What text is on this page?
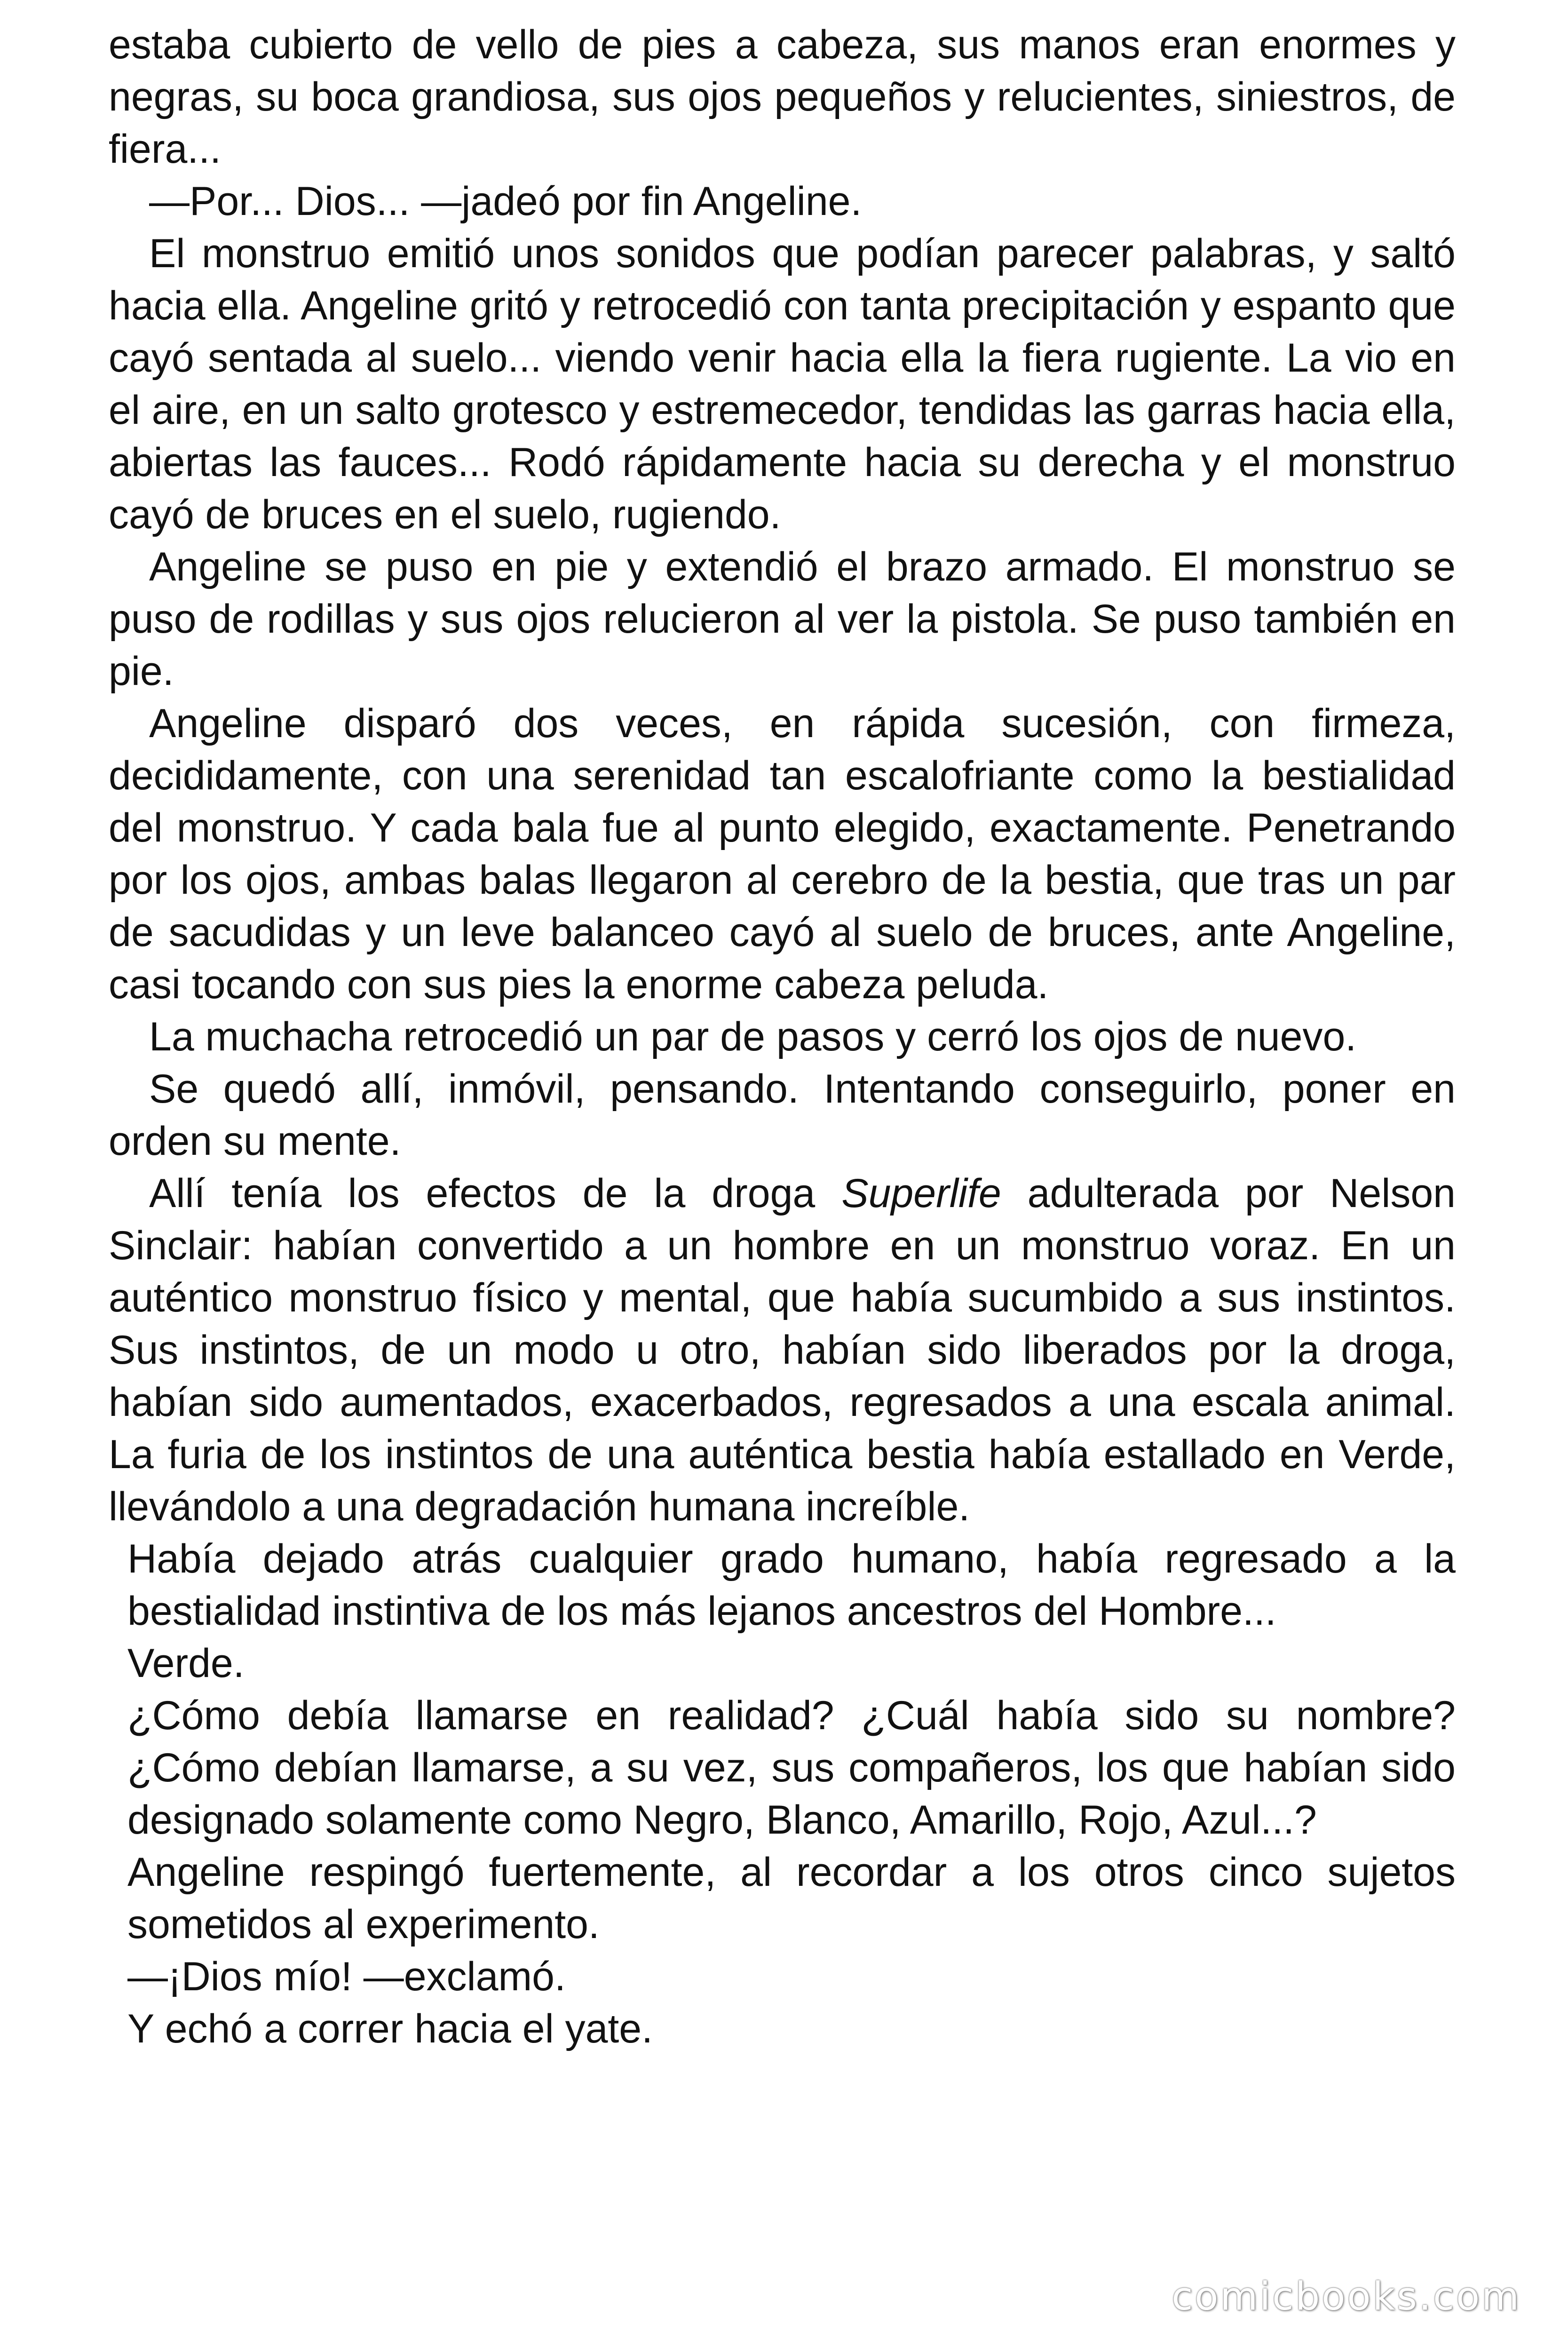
estaba cubierto de vello de pies a cabeza, sus manos eran enormes y negras, su boca grandiosa, sus ojos pequeños y relucientes, siniestros, de fiera...

—Por... Dios... —jadeó por fin Angeline.

El monstruo emitió unos sonidos que podían parecer palabras, y saltó hacia ella. Angeline gritó y retrocedió con tanta precipitación y espanto que cayó sentada al suelo... viendo venir hacia ella la fiera rugiente. La vio en el aire, en un salto grotesco y estremecedor, tendidas las garras hacia ella, abiertas las fauces... Rodó rápidamente hacia su derecha y el monstruo cayó de bruces en el suelo, rugiendo.

Angeline se puso en pie y extendió el brazo armado. El monstruo se puso de rodillas y sus ojos relucieron al ver la pistola. Se puso también en pie.

Angeline disparó dos veces, en rápida sucesión, con firmeza, decididamente, con una serenidad tan escalofriante como la bestialidad del monstruo. Y cada bala fue al punto elegido, exactamente. Penetrando por los ojos, ambas balas llegaron al cerebro de la bestia, que tras un par de sacudidas y un leve balanceo cayó al suelo de bruces, ante Angeline, casi tocando con sus pies la enorme cabeza peluda.

La muchacha retrocedió un par de pasos y cerró los ojos de nuevo.

Se quedó allí, inmóvil, pensando. Intentando conseguirlo, poner en orden su mente.

Allí tenía los efectos de la droga Superlife adulterada por Nelson Sinclair: habían convertido a un hombre en un monstruo voraz. En un auténtico monstruo físico y mental, que había sucumbido a sus instintos. Sus instintos, de un modo u otro, habían sido liberados por la droga, habían sido aumentados, exacerbados, regresados a una escala animal. La furia de los instintos de una auténtica bestia había estallado en Verde, llevándolo a una degradación humana increíble.

Había dejado atrás cualquier grado humano, había regresado a la bestialidad instintiva de los más lejanos ancestros del Hombre...

Verde.

¿Cómo debía llamarse en realidad? ¿Cuál había sido su nombre? ¿Cómo debían llamarse, a su vez, sus compañeros, los que habían sido designado solamente como Negro, Blanco, Amarillo, Rojo, Azul...?

Angeline respingó fuertemente, al recordar a los otros cinco sujetos sometidos al experimento.

—¡Dios mío! —exclamó.

Y echó a correr hacia el yate.

comicbooks.com
